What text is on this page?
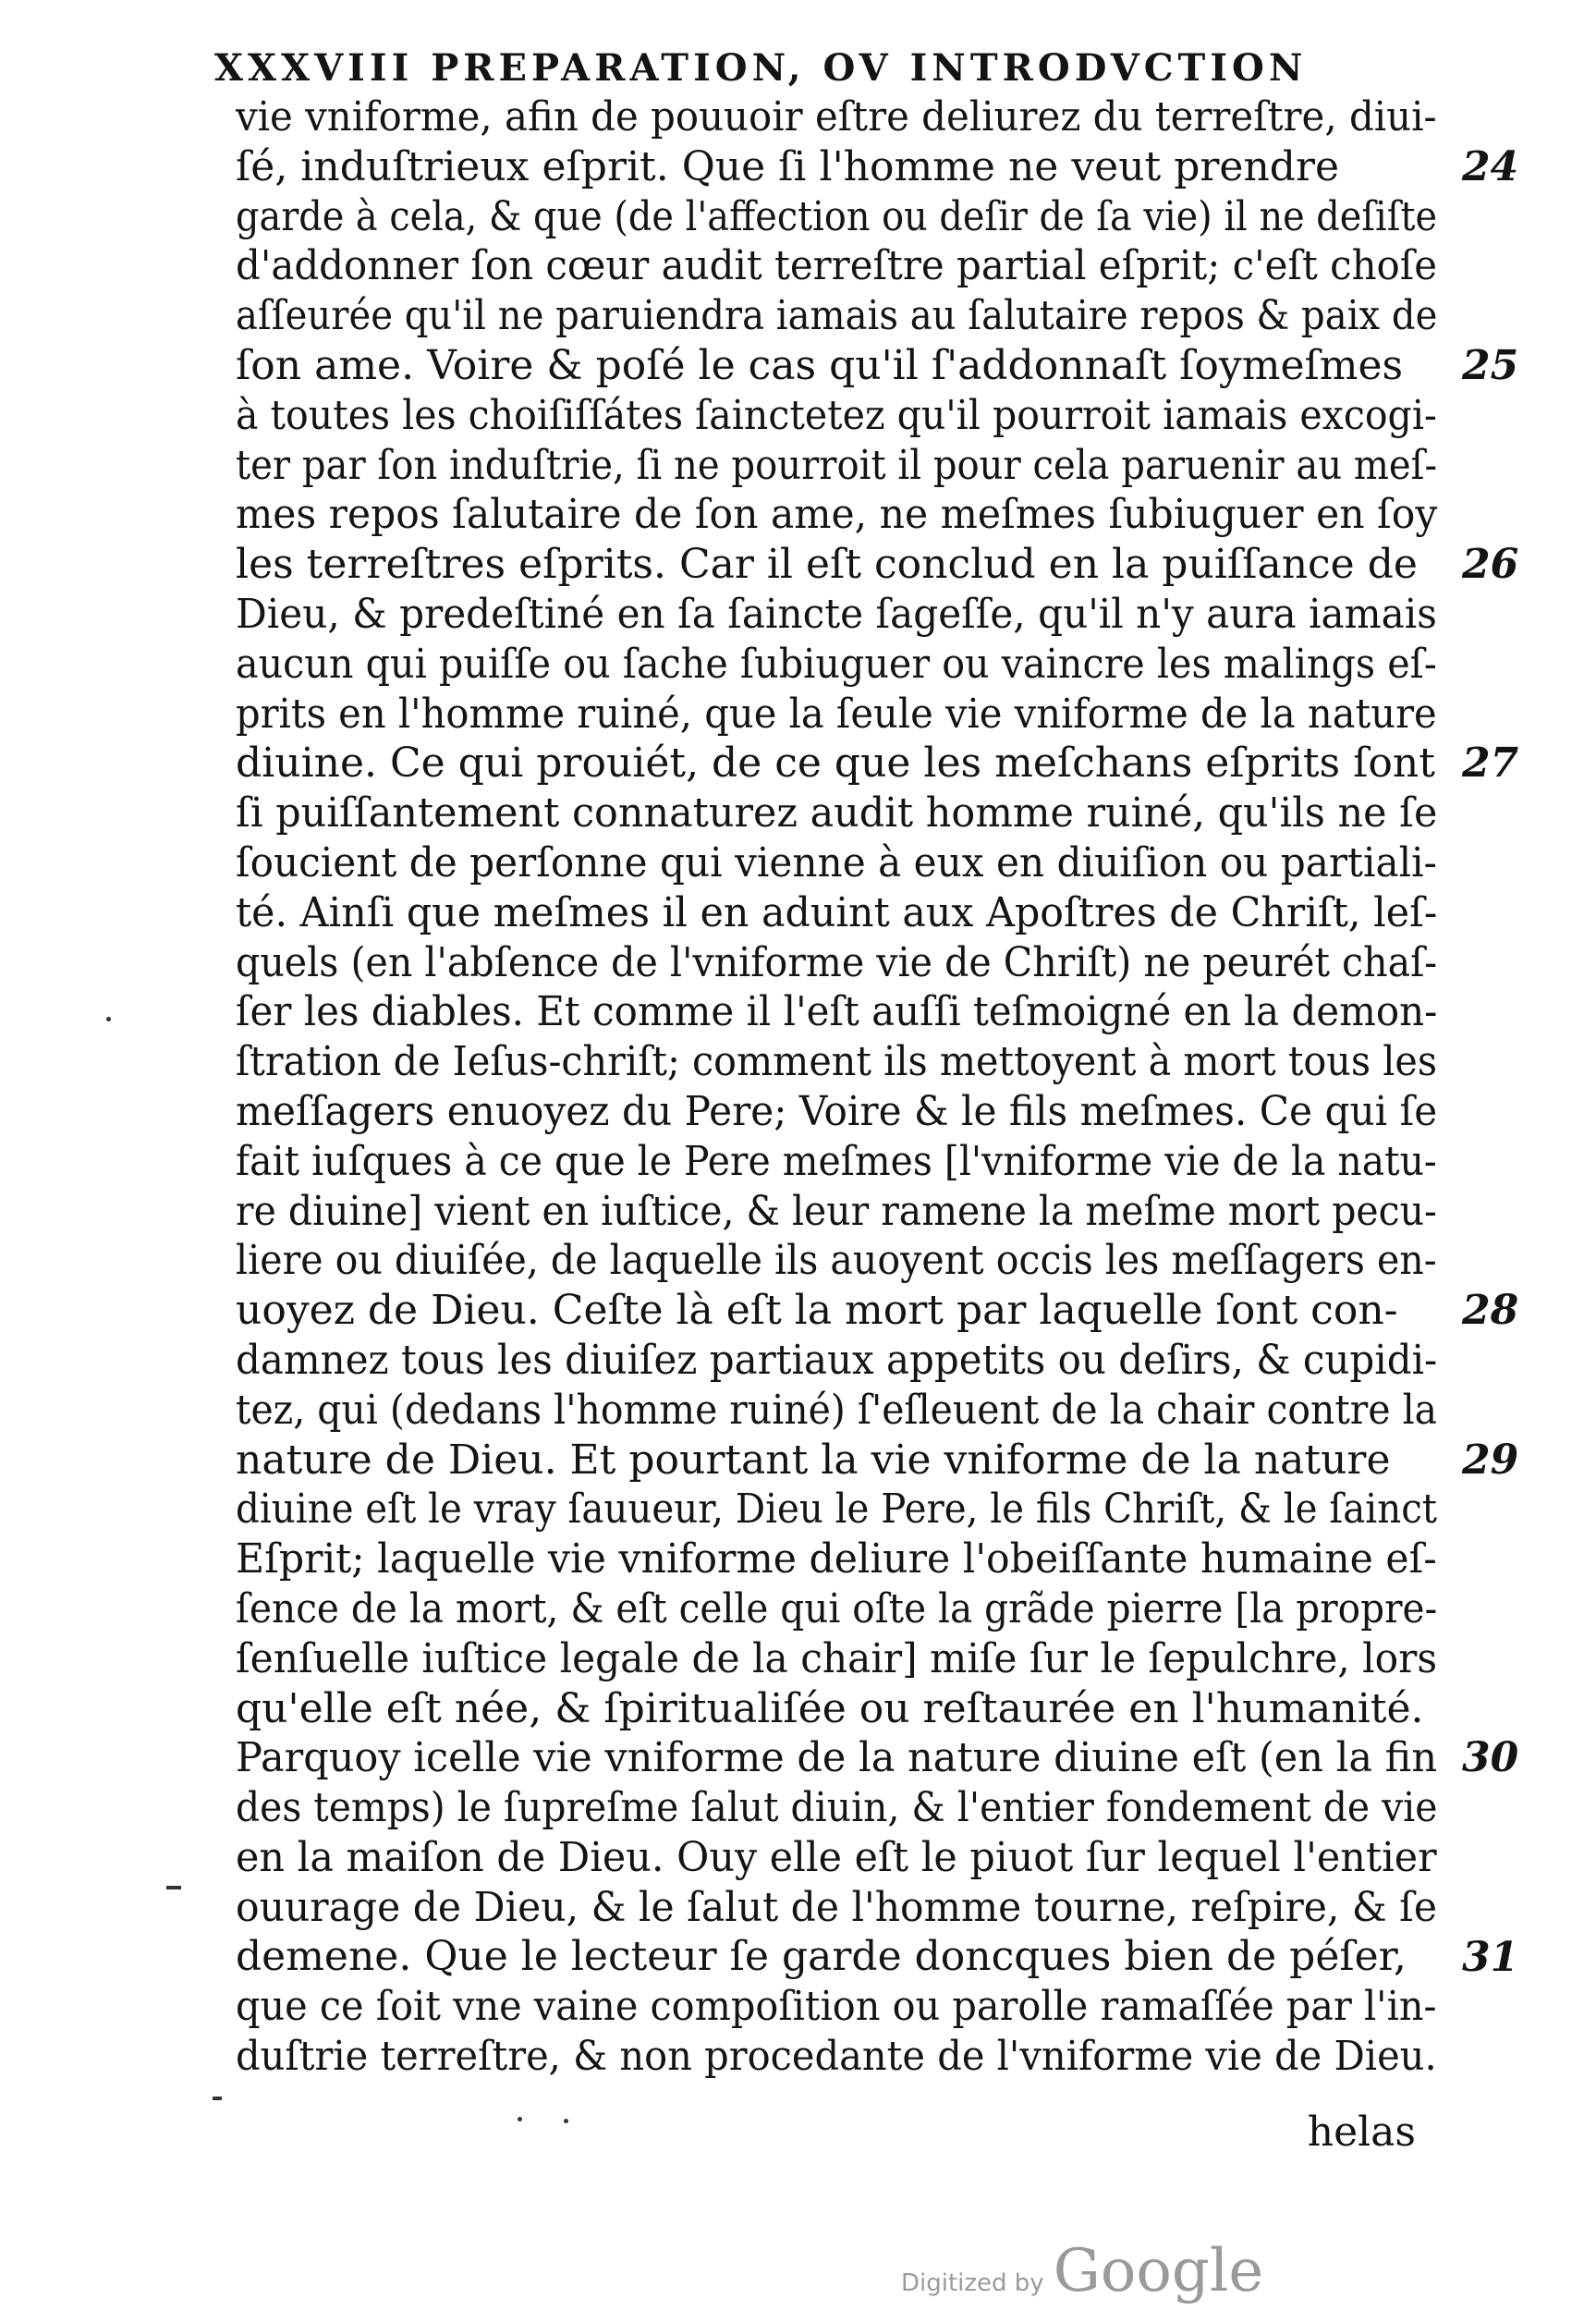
XXXVIII PREPARATION, OV INTRODVCTION
vie vniforme, afin de pouuoir eſtre deliurez du terreſtre, diui-
ſé, induſtrieux eſprit. Que ſi l'homme ne veut prendre
garde à cela, & que (de l'affection ou deſir de ſa vie) il ne deſiſte
d'addonner ſon cœur audit terreſtre partial eſprit; c'eſt choſe
aſſeurée qu'il ne paruiendra iamais au ſalutaire repos & paix de
ſon ame. Voire & poſé le cas qu'il ſ'addonnaſt ſoymeſmes
à toutes les choiſiſſátes ſainctetez qu'il pourroit iamais excogi-
ter par ſon induſtrie, ſi ne pourroit il pour cela paruenir au meſ-
mes repos ſalutaire de ſon ame, ne meſmes ſubiuguer en ſoy
les terreſtres eſprits. Car il eſt conclud en la puiſſance de
Dieu, & predeſtiné en ſa ſaincte ſageſſe, qu'il n'y aura iamais
aucun qui puiſſe ou ſache ſubiuguer ou vaincre les malings eſ-
prits en l'homme ruiné, que la ſeule vie vniforme de la nature
diuine. Ce qui prouiét, de ce que les meſchans eſprits ſont
ſi puiſſantement connaturez audit homme ruiné, qu'ils ne ſe
ſoucient de perſonne qui vienne à eux en diuiſion ou partiali-
té. Ainſi que meſmes il en aduint aux Apoſtres de Chriſt, leſ-
quels (en l'abſence de l'vniforme vie de Chriſt) ne peurét chaſ-
ſer les diables. Et comme il l'eſt auſſi teſmoigné en la demon-
ſtration de Ieſus-chriſt; comment ils mettoyent à mort tous les
meſſagers enuoyez du Pere; Voire & le fils meſmes. Ce qui ſe
fait iuſques à ce que le Pere meſmes [l'vniforme vie de la natu-
re diuine] vient en iuſtice, & leur ramene la meſme mort pecu-
liere ou diuiſée, de laquelle ils auoyent occis les meſſagers en-
uoyez de Dieu. Ceſte là eſt la mort par laquelle ſont con-
damnez tous les diuiſez partiaux appetits ou deſirs, & cupidi-
tez, qui (dedans l'homme ruiné) ſ'eſleuent de la chair contre la
nature de Dieu. Et pourtant la vie vniforme de la nature
diuine eſt le vray ſauueur, Dieu le Pere, le fils Chriſt, & le ſainct
Eſprit; laquelle vie vniforme deliure l'obeiſſante humaine eſ-
ſence de la mort, & eſt celle qui oſte la grãde pierre [la propre-
ſenſuelle iuſtice legale de la chair] miſe ſur le ſepulchre, lors
qu'elle eſt née, & ſpiritualiſée ou reſtaurée en l'humanité.
Parquoy icelle vie vniforme de la nature diuine eſt (en la fin
des temps) le ſupreſme ſalut diuin, & l'entier fondement de vie
en la maiſon de Dieu. Ouy elle eſt le piuot ſur lequel l'entier
ouurage de Dieu, & le ſalut de l'homme tourne, reſpire, & ſe
demene. Que le lecteur ſe garde doncques bien de péſer,
que ce ſoit vne vaine compoſition ou parolle ramaſſée par l'in-
duſtrie terreſtre, & non procedante de l'vniforme vie de Dieu.
24
25
26
27
28
29
30
31
helas
Digitized by Google
